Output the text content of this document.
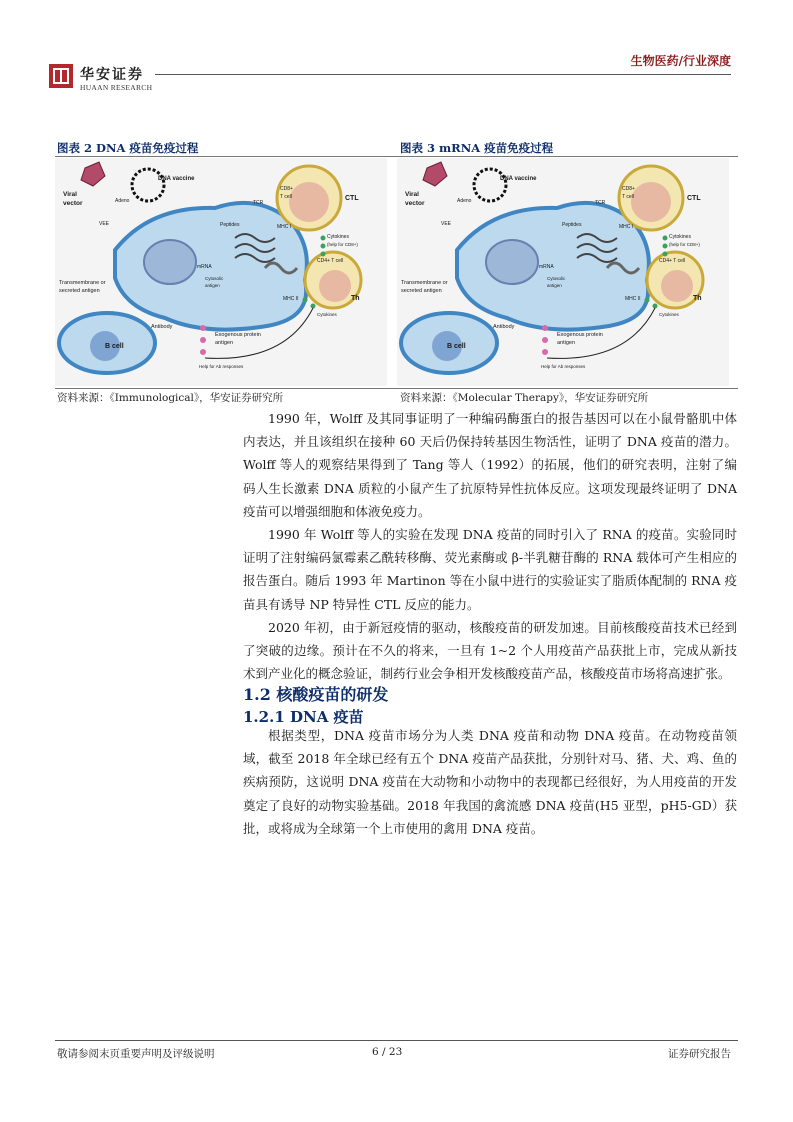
华安证券
HUAAN RESEARCH
生物医药/行业深度
图表 2 DNA 疫苗免疫过程	图表 3 mRNA 疫苗免疫过程
DNA vaccine
Viral
vector	Adeno
VEE
TCR
CD8+
T cell	CTL
MHC I
Peptides
Cytokines
(help for CD8+)
CD4+ T cell
Th
MHC II
mRNA
Cytosolic
antigen
Transmembrane or
secreted antigen
Antibody
Exogenous protein
antigen
B cell
Help for Ab responses
Cytokines
DNA vaccine
Viral
vector	Adeno
VEE
TCR
CD8+
T cell	CTL
MHC I
Peptides
Cytokines
(help for CD8+)
CD4+ T cell
Th
MHC II
mRNA
Cytosolic
antigen
Transmembrane or
secreted antigen
Antibody
Exogenous protein
antigen
B cell
Help for Ab responses
Cytokines
资料来源：《Immunological》，华安证券研究所	资料来源：《Molecular Therapy》，华安证券研究所

1990 年，Wolff 及其同事证明了一种编码酶蛋白的报告基因可以在小鼠骨骼肌中体内表达，并且该组织在接种 60 天后仍保持转基因生物活性，证明了 DNA 疫苗的潜力。Wolff 等人的观察结果得到了 Tang 等人（1992）的拓展，他们的研究表明，注射了编码人生长激素 DNA 质粒的小鼠产生了抗原特异性抗体反应。这项发现最终证明了 DNA 疫苗可以增强细胞和体液免疫力。

1990 年 Wolff 等人的实验在发现 DNA 疫苗的同时引入了 RNA 的疫苗。实验同时证明了注射编码氯霉素乙酰转移酶、荧光素酶或 β-半乳糖苷酶的 RNA 载体可产生相应的报告蛋白。随后 1993 年 Martinon 等在小鼠中进行的实验证实了脂质体配制的 RNA 疫苗具有诱导 NP 特异性 CTL 反应的能力。

2020 年初，由于新冠疫情的驱动，核酸疫苗的研发加速。目前核酸疫苗技术已经到了突破的边缘。预计在不久的将来，一旦有 1~2 个人用疫苗产品获批上市，完成从新技术到产业化的概念验证，制药行业会争相开发核酸疫苗产品，核酸疫苗市场将高速扩张。

1.2 核酸疫苗的研发
1.2.1 DNA 疫苗

根据类型，DNA 疫苗市场分为人类 DNA 疫苗和动物 DNA 疫苗。在动物疫苗领域，截至 2018 年全球已经有五个 DNA 疫苗产品获批，分别针对马、猪、犬、鸡、鱼的疾病预防，这说明 DNA 疫苗在大动物和小动物中的表现都已经很好，为人用疫苗的开发奠定了良好的动物实验基础。2018 年我国的禽流感 DNA 疫苗(H5 亚型，pH5-GD）获批，或将成为全球第一个上市使用的禽用 DNA 疫苗。

敬请参阅末页重要声明及评级说明	6 / 23	证券研究报告
